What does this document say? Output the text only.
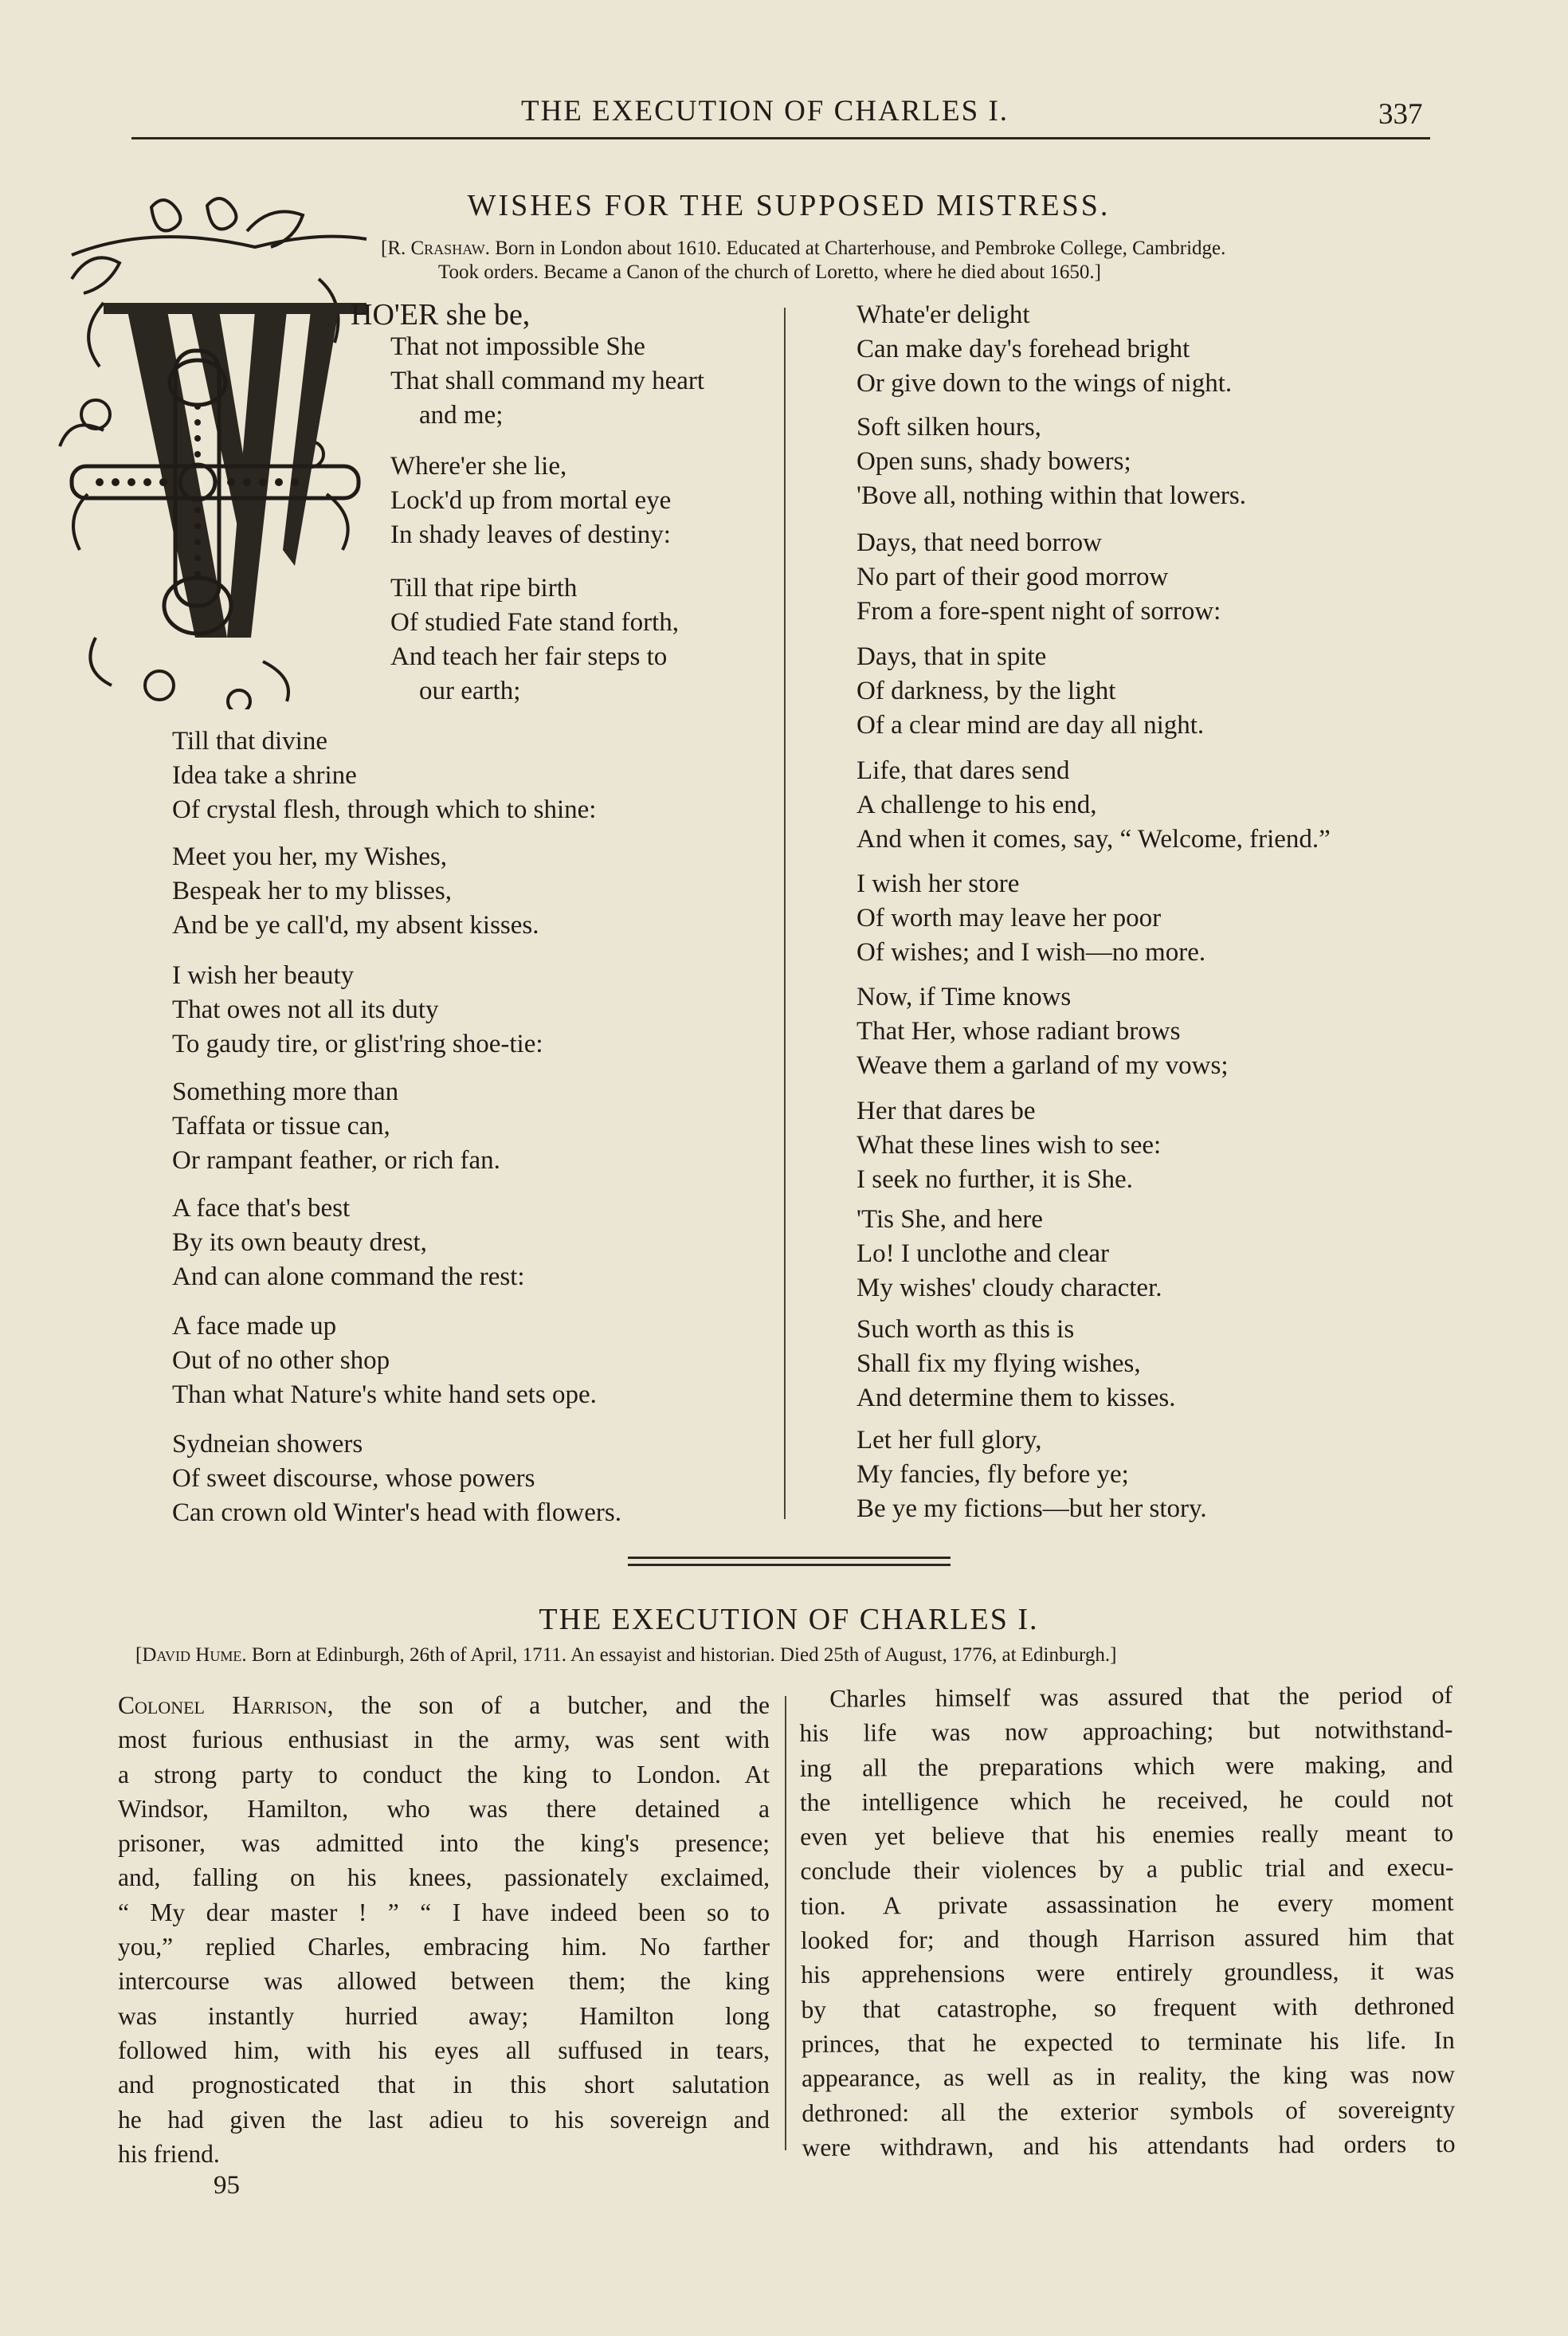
THE EXECUTION OF CHARLES I.	337
WISHES FOR THE SUPPOSED MISTRESS.
[R. Crashaw. Born in London about 1610. Educated at Charterhouse, and Pembroke College, Cambridge.
Took orders. Became a Canon of the church of Loretto, where he died about 1650.]
HO'ER she be,
That not impossible She
That shall command my heart
and me;
Where'er she lie,
Lock'd up from mortal eye
In shady leaves of destiny:
Till that ripe birth
Of studied Fate stand forth,
And teach her fair steps to
our earth;
Till that divine
Idea take a shrine
Of crystal flesh, through which to shine:
Meet you her, my Wishes,
Bespeak her to my blisses,
And be ye call'd, my absent kisses.
I wish her beauty
That owes not all its duty
To gaudy tire, or glist'ring shoe-tie:
Something more than
Taffata or tissue can,
Or rampant feather, or rich fan.
A face that's best
By its own beauty drest,
And can alone command the rest:
A face made up
Out of no other shop
Than what Nature's white hand sets ope.
Sydneian showers
Of sweet discourse, whose powers
Can crown old Winter's head with flowers.
Whate'er delight
Can make day's forehead bright
Or give down to the wings of night.
Soft silken hours,
Open suns, shady bowers;
'Bove all, nothing within that lowers.
Days, that need borrow
No part of their good morrow
From a fore-spent night of sorrow:
Days, that in spite
Of darkness, by the light
Of a clear mind are day all night.
Life, that dares send
A challenge to his end,
And when it comes, say, “ Welcome, friend.”
I wish her store
Of worth may leave her poor
Of wishes; and I wish—no more.
Now, if Time knows
That Her, whose radiant brows
Weave them a garland of my vows;
Her that dares be
What these lines wish to see:
I seek no further, it is She.
'Tis She, and here
Lo! I unclothe and clear
My wishes' cloudy character.
Such worth as this is
Shall fix my flying wishes,
And determine them to kisses.
Let her full glory,
My fancies, fly before ye;
Be ye my fictions—but her story.
THE EXECUTION OF CHARLES I.
[David Hume. Born at Edinburgh, 26th of April, 1711. An essayist and historian. Died 25th of August, 1776, at Edinburgh.]
Colonel Harrison, the son of a butcher, and the
most furious enthusiast in the army, was sent with
a strong party to conduct the king to London. At
Windsor, Hamilton, who was there detained a
prisoner, was admitted into the king's presence;
and, falling on his knees, passionately exclaimed,
“ My dear master ! ” “ I have indeed been so to
you,” replied Charles, embracing him. No farther
intercourse was allowed between them; the king
was instantly hurried away; Hamilton long
followed him, with his eyes all suffused in tears,
and prognosticated that in this short salutation
he had given the last adieu to his sovereign and
his friend.
Charles himself was assured that the period of
his life was now approaching; but notwithstand-
ing all the preparations which were making, and
the intelligence which he received, he could not
even yet believe that his enemies really meant to
conclude their violences by a public trial and execu-
tion. A private assassination he every moment
looked for; and though Harrison assured him that
his apprehensions were entirely groundless, it was
by that catastrophe, so frequent with dethroned
princes, that he expected to terminate his life. In
appearance, as well as in reality, the king was now
dethroned: all the exterior symbols of sovereignty
were withdrawn, and his attendants had orders to
95
